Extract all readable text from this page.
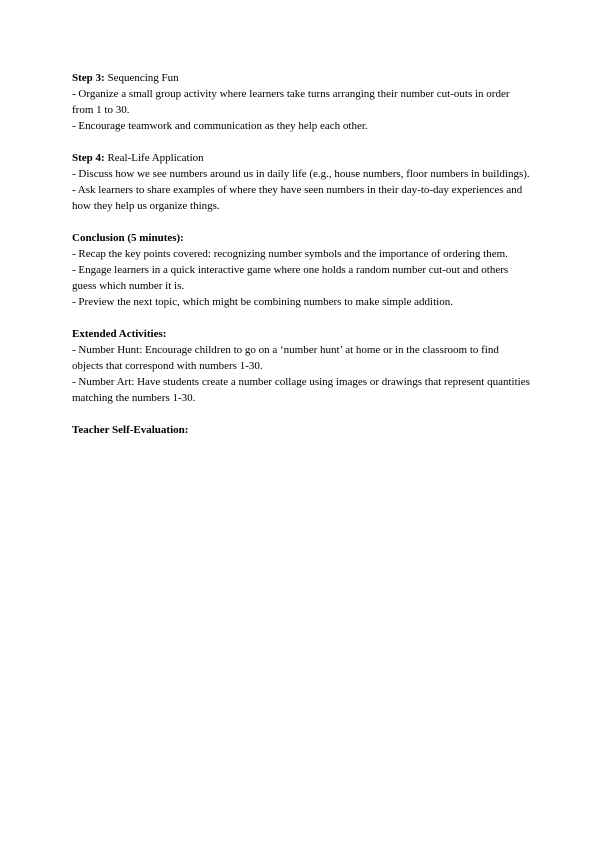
Step 3: Sequencing Fun
- Organize a small group activity where learners take turns arranging their number cut-outs in order from 1 to 30.
- Encourage teamwork and communication as they help each other.
Step 4: Real-Life Application
- Discuss how we see numbers around us in daily life (e.g., house numbers, floor numbers in buildings).
- Ask learners to share examples of where they have seen numbers in their day-to-day experiences and how they help us organize things.
Conclusion (5 minutes):
- Recap the key points covered: recognizing number symbols and the importance of ordering them.
- Engage learners in a quick interactive game where one holds a random number cut-out and others guess which number it is.
- Preview the next topic, which might be combining numbers to make simple addition.
Extended Activities:
- Number Hunt: Encourage children to go on a ‘number hunt’ at home or in the classroom to find objects that correspond with numbers 1-30.
- Number Art: Have students create a number collage using images or drawings that represent quantities matching the numbers 1-30.
Teacher Self-Evaluation:
